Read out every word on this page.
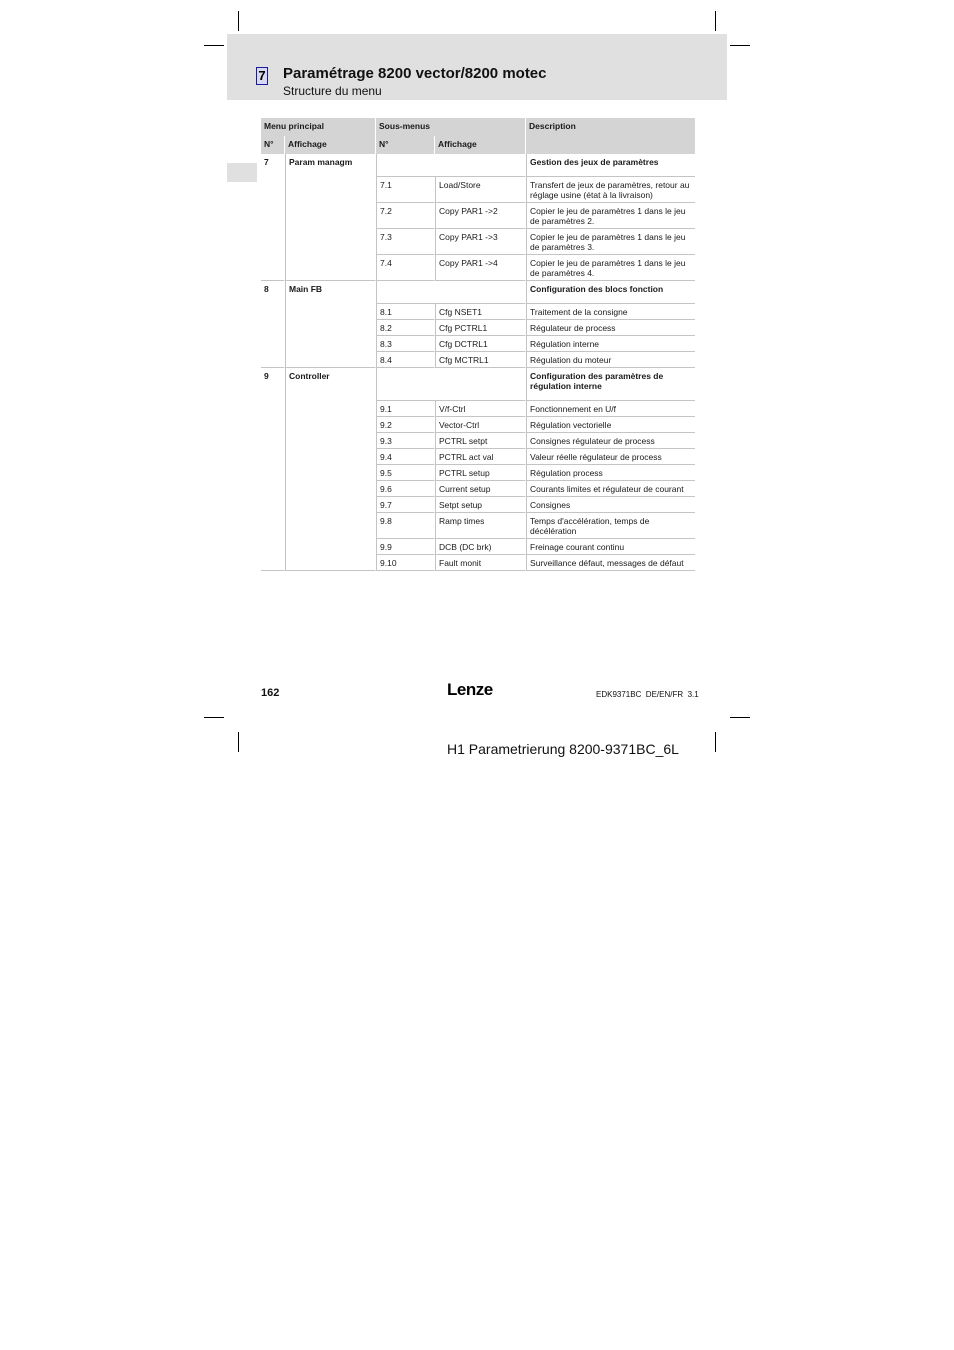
7 Paramétrage 8200 vector/8200 motec
Structure du menu
Menu principal		Sous-menus		Description
N°	Affichage	N°	Affichage	
7	Param managm			Gestion des jeux de paramètres
		7.1	Load/Store	Transfert de jeux de paramètres, retour au réglage usine (état à la livraison)
		7.2	Copy PAR1 ->2	Copier le jeu de paramètres 1 dans le jeu de paramètres 2.
		7.3	Copy PAR1 ->3	Copier le jeu de paramètres 1 dans le jeu de paramètres 3.
		7.4	Copy PAR1 ->4	Copier le jeu de paramètres 1 dans le jeu de paramètres 4.
8	Main FB			Configuration des blocs fonction
		8.1	Cfg NSET1	Traitement de la consigne
		8.2	Cfg PCTRL1	Régulateur de process
		8.3	Cfg DCTRL1	Régulation interne
		8.4	Cfg MCTRL1	Régulation du moteur
9	Controller			Configuration des paramètres de régulation interne
		9.1	V/f-Ctrl	Fonctionnement en U/f
		9.2	Vector-Ctrl	Régulation vectorielle
		9.3	PCTRL setpt	Consignes régulateur de process
		9.4	PCTRL act val	Valeur réelle régulateur de process
		9.5	PCTRL setup	Régulation process
		9.6	Current setup	Courants limites et régulateur de courant
		9.7	Setpt setup	Consignes
		9.8	Ramp times	Temps d'accélération, temps de décélération
		9.9	DCB (DC brk)	Freinage courant continu
		9.10	Fault monit	Surveillance défaut, messages de défaut
162	Lenze	EDK9371BC  DE/EN/FR  3.1
H1 Parametrierung 8200-9371BC_6L
